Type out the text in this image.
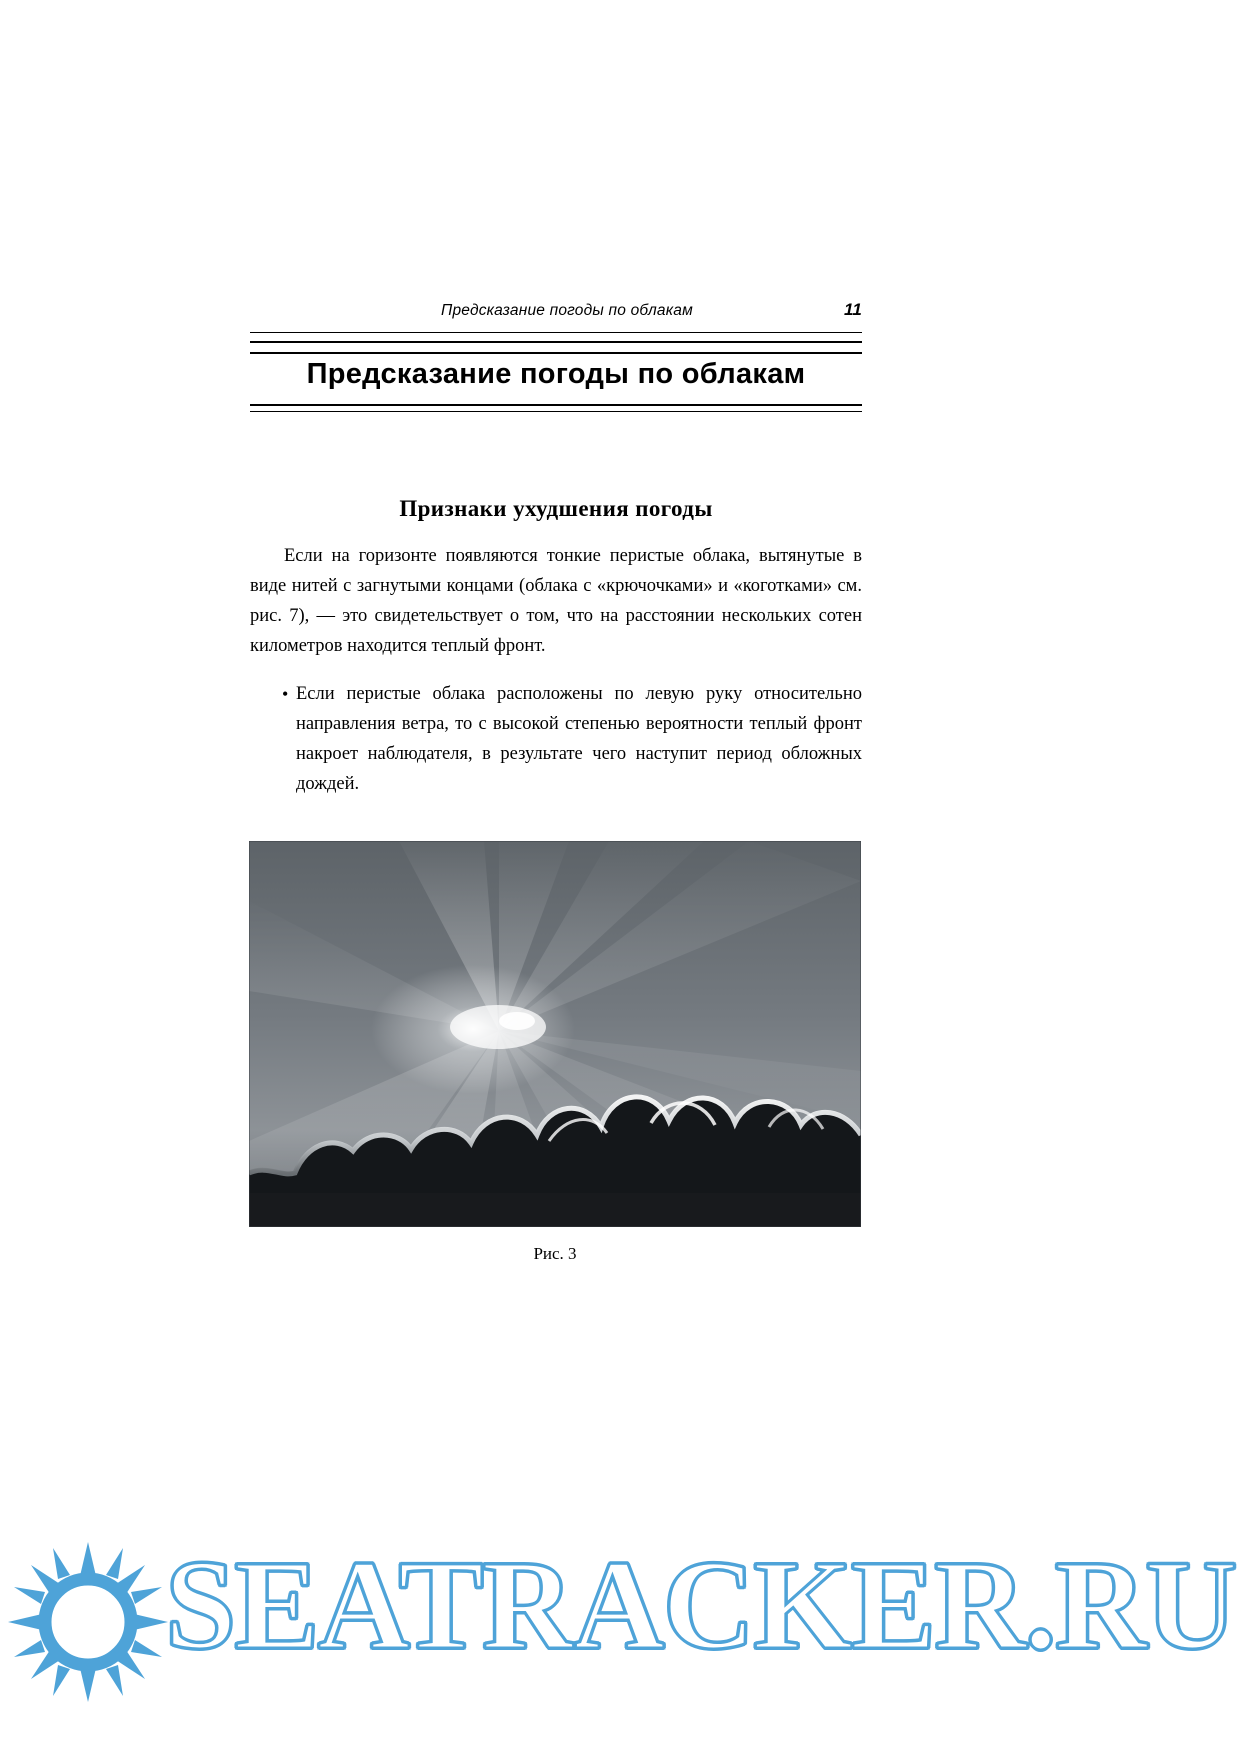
Предсказание погоды по облакам	11
Предсказание погоды по облакам
Признаки ухудшения погоды

Если на горизонте появляются тонкие перистые облака, вытянутые в виде нитей с загнутыми концами (облака с «крючочками» и «коготками» см. рис. 7), — это свидетельствует о том, что на расстоянии нескольких сотен километров находится теплый фронт.

• Если перистые облака расположены по левую руку относительно направления ветра, то с высокой степенью вероятности теплый фронт накроет наблюдателя, в результате чего наступит период обложных дождей.
Рис. 3
SEATRACKER.RU
